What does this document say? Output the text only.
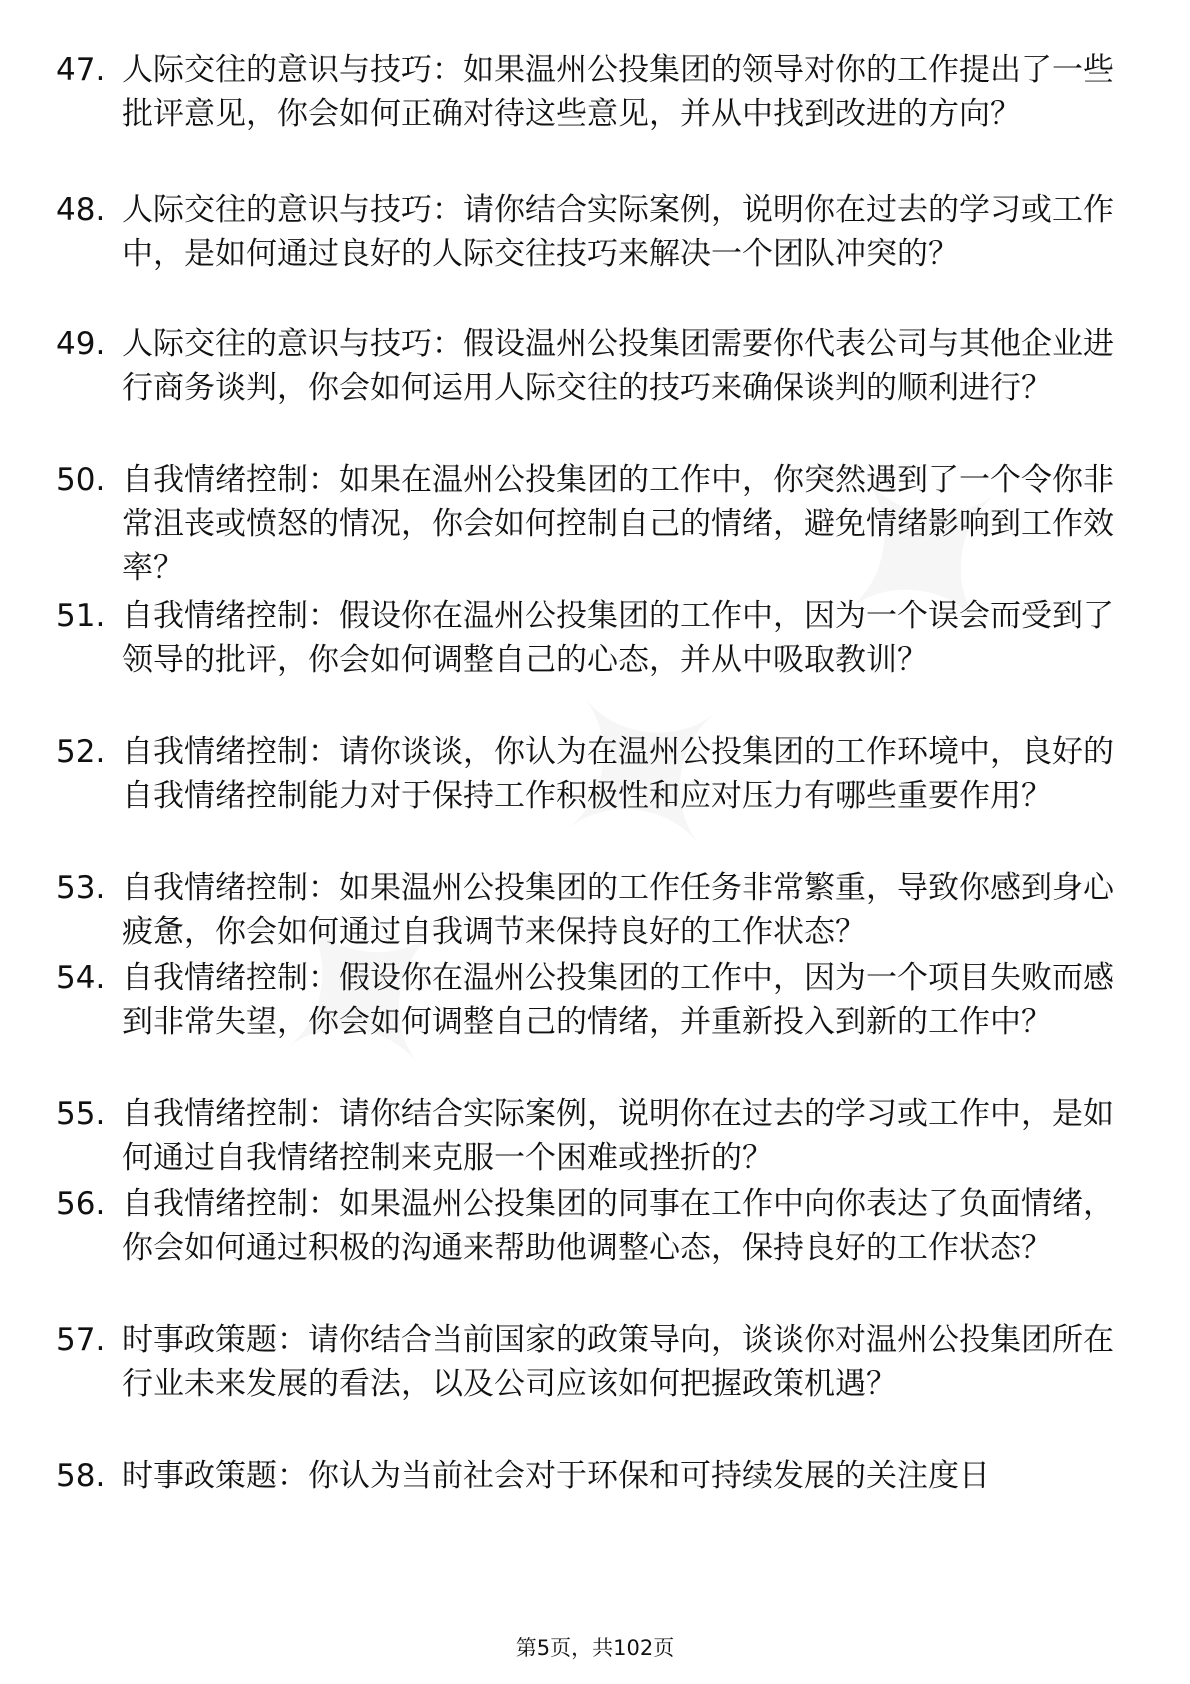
47. 人际交往的意识与技巧：如果温州公投集团的领导对你的工作提出了一些批评意见，你会如何正确对待这些意见，并从中找到改进的方向？
48. 人际交往的意识与技巧：请你结合实际案例，说明你在过去的学习或工作中，是如何通过良好的人际交往技巧来解决一个团队冲突的？
49. 人际交往的意识与技巧：假设温州公投集团需要你代表公司与其他企业进行商务谈判，你会如何运用人际交往的技巧来确保谈判的顺利进行？
50. 自我情绪控制：如果在温州公投集团的工作中，你突然遇到了一个令你非常沮丧或愤怒的情况，你会如何控制自己的情绪，避免情绪影响到工作效率？
51. 自我情绪控制：假设你在温州公投集团的工作中，因为一个误会而受到了领导的批评，你会如何调整自己的心态，并从中吸取教训？
52. 自我情绪控制：请你谈谈，你认为在温州公投集团的工作环境中，良好的自我情绪控制能力对于保持工作积极性和应对压力有哪些重要作用？
53. 自我情绪控制：如果温州公投集团的工作任务非常繁重，导致你感到身心疲惫，你会如何通过自我调节来保持良好的工作状态？
54. 自我情绪控制：假设你在温州公投集团的工作中，因为一个项目失败而感到非常失望，你会如何调整自己的情绪，并重新投入到新的工作中？
55. 自我情绪控制：请你结合实际案例，说明你在过去的学习或工作中，是如何通过自我情绪控制来克服一个困难或挫折的？
56. 自我情绪控制：如果温州公投集团的同事在工作中向你表达了负面情绪，你会如何通过积极的沟通来帮助他调整心态，保持良好的工作状态？
57. 时事政策题：请你结合当前国家的政策导向，谈谈你对温州公投集团所在行业未来发展的看法，以及公司应该如何把握政策机遇？
58. 时事政策题：你认为当前社会对于环保和可持续发展的关注度日
第5页，共102页
